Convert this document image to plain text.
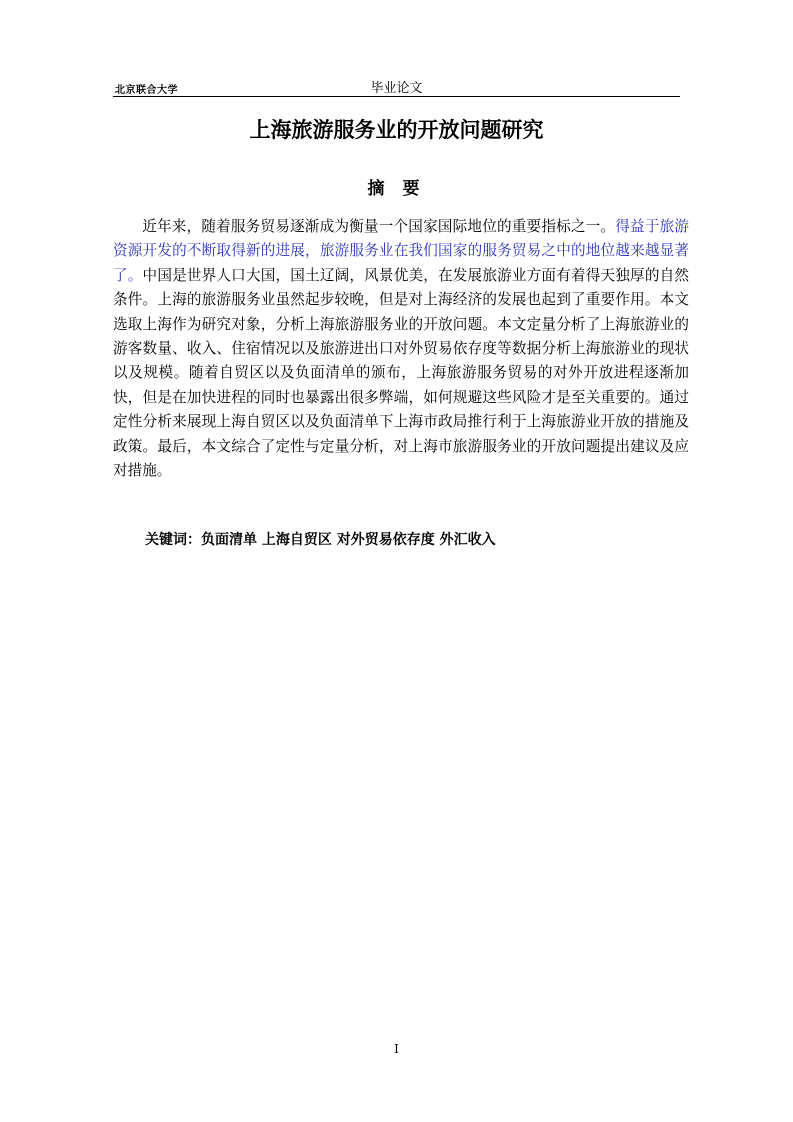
北京联合大学	毕业论文
上海旅游服务业的开放问题研究
摘 要

近年来，随着服务贸易逐渐成为衡量一个国家国际地位的重要指标之一。得益于旅游资源开发的不断取得新的进展，旅游服务业在我们国家的服务贸易之中的地位越来越显著了。中国是世界人口大国，国土辽阔，风景优美，在发展旅游业方面有着得天独厚的自然条件。上海的旅游服务业虽然起步较晚，但是对上海经济的发展也起到了重要作用。本文选取上海作为研究对象，分析上海旅游服务业的开放问题。本文定量分析了上海旅游业的游客数量、收入、住宿情况以及旅游进出口对外贸易依存度等数据分析上海旅游业的现状以及规模。随着自贸区以及负面清单的颁布，上海旅游服务贸易的对外开放进程逐渐加快，但是在加快进程的同时也暴露出很多弊端，如何规避这些风险才是至关重要的。通过定性分析来展现上海自贸区以及负面清单下上海市政局推行利于上海旅游业开放的措施及政策。最后，本文综合了定性与定量分析，对上海市旅游服务业的开放问题提出建议及应对措施。

关键词：负面清单 上海自贸区 对外贸易依存度 外汇收入
I
